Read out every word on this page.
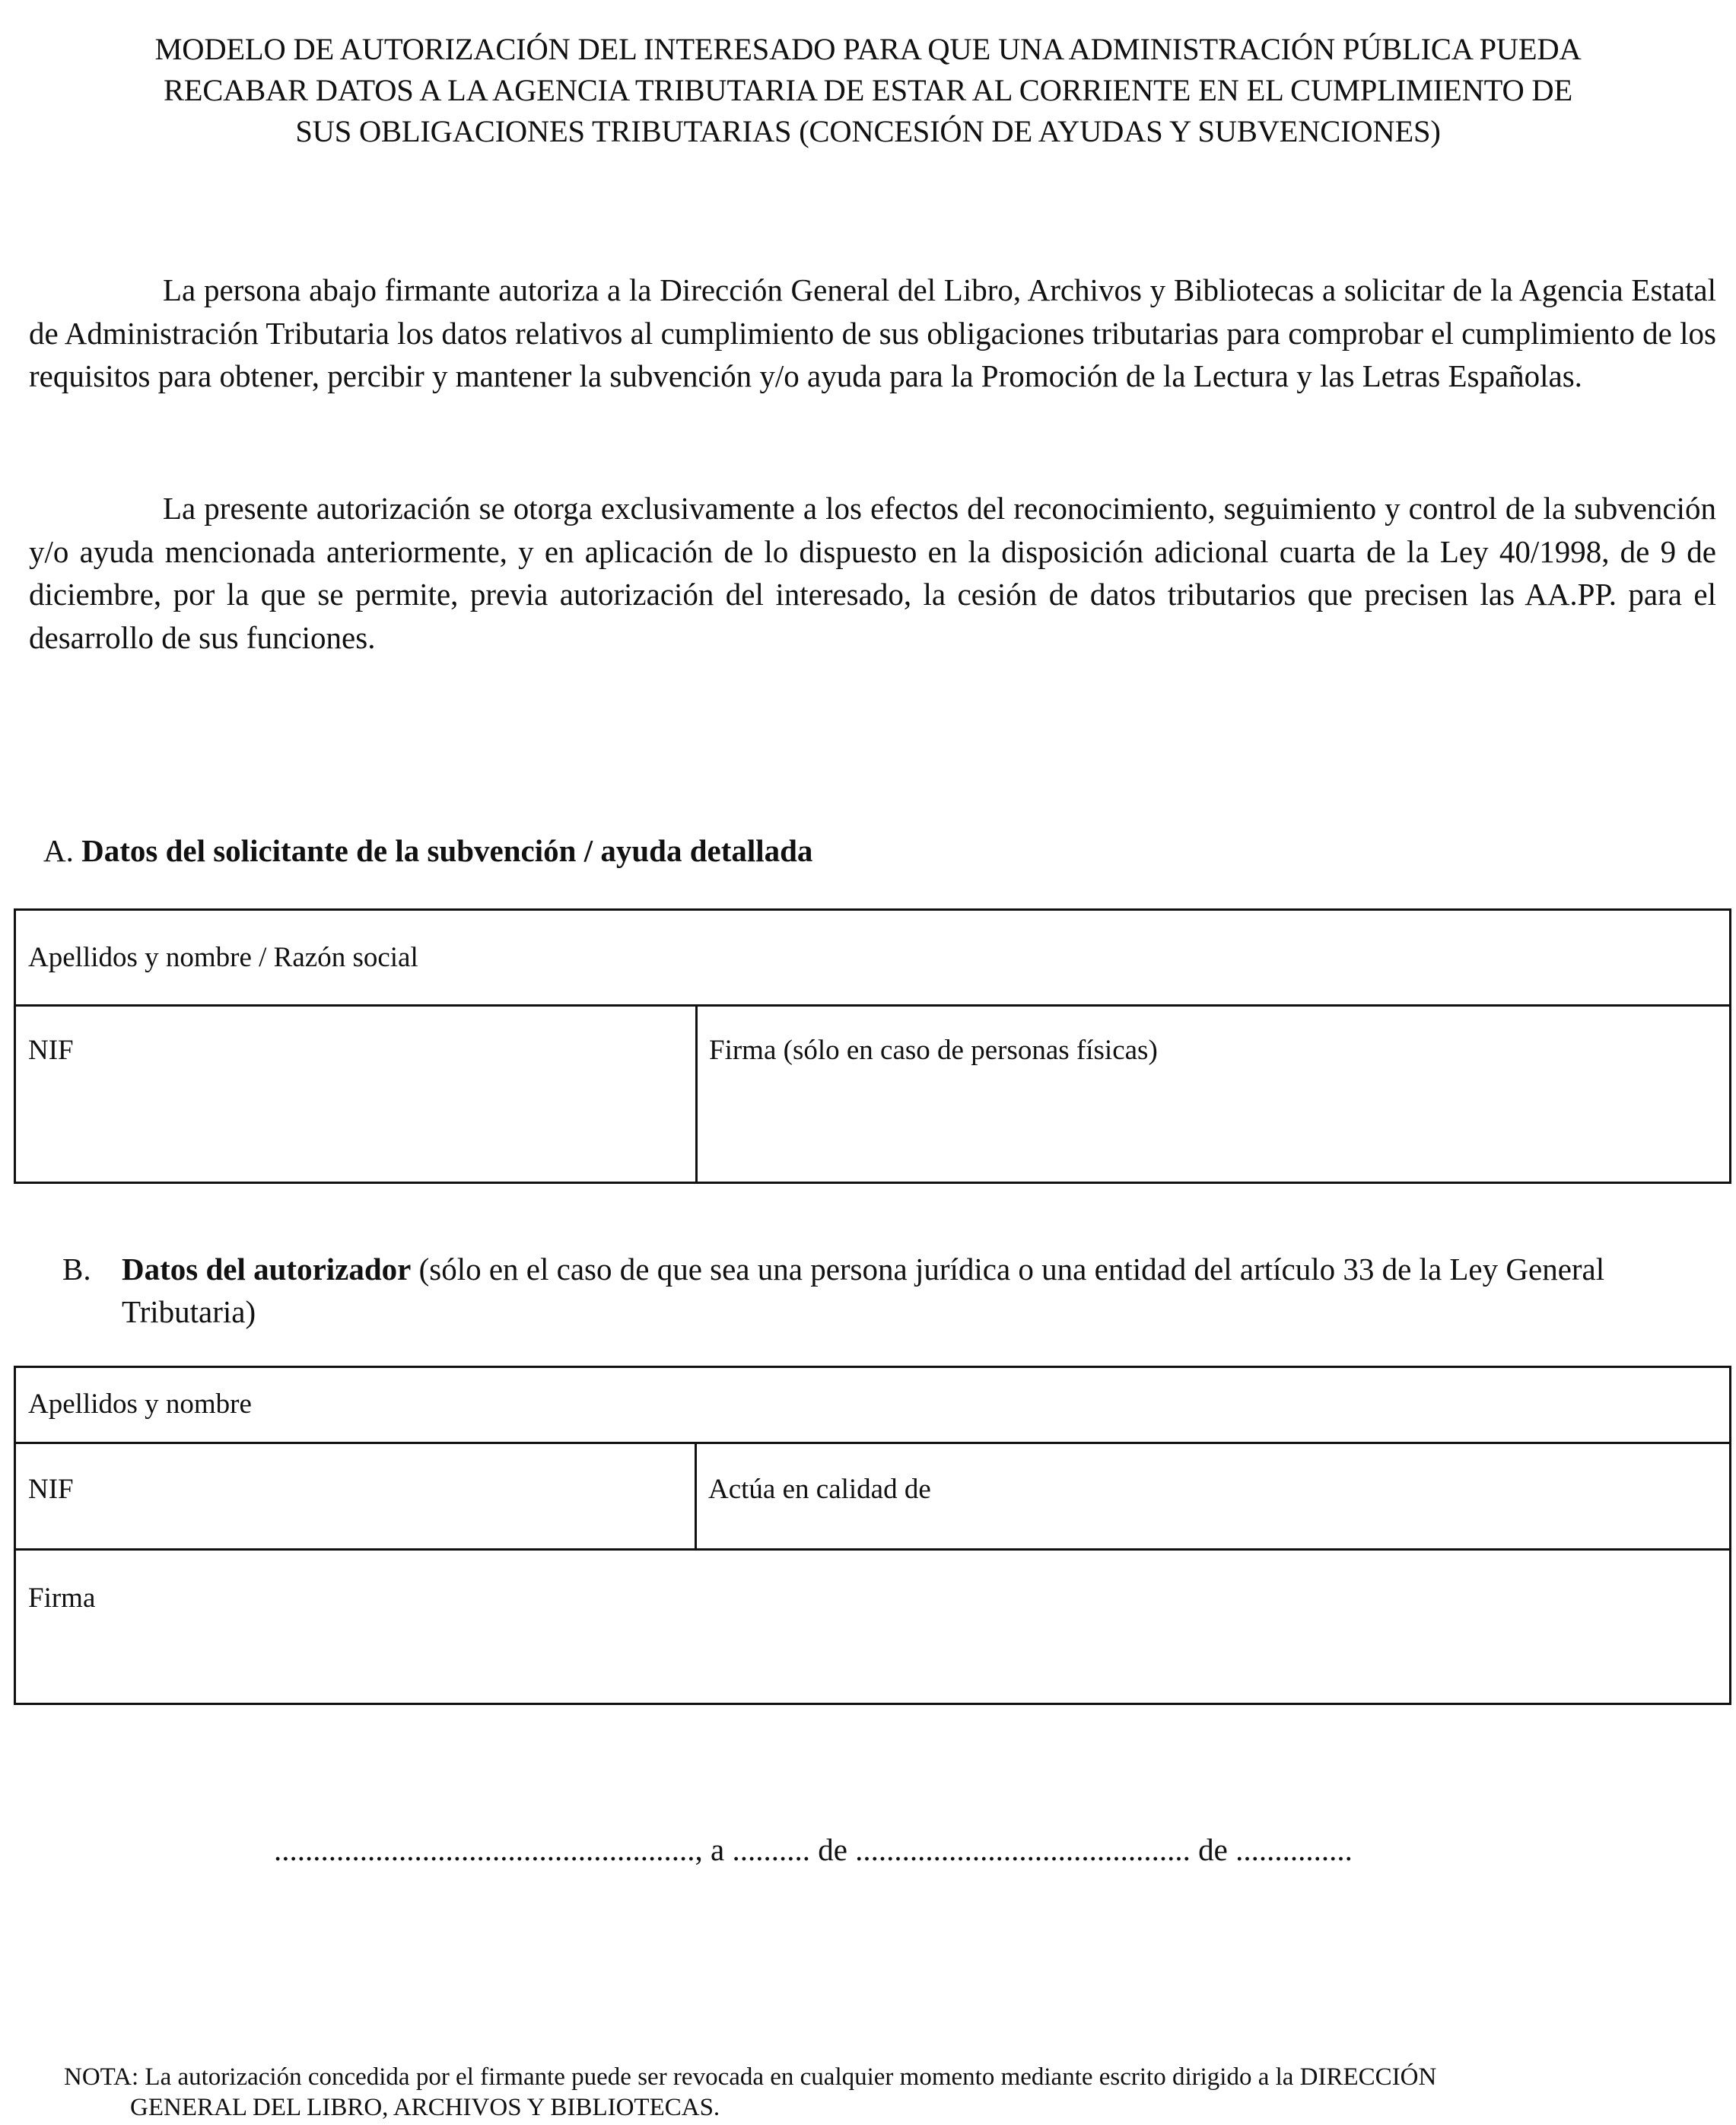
MODELO DE AUTORIZACIÓN DEL INTERESADO PARA QUE UNA ADMINISTRACIÓN PÚBLICA PUEDA
RECABAR DATOS A LA AGENCIA TRIBUTARIA DE ESTAR AL CORRIENTE EN EL CUMPLIMIENTO DE
SUS OBLIGACIONES TRIBUTARIAS (CONCESIÓN DE AYUDAS Y SUBVENCIONES)

La persona abajo firmante autoriza a la Dirección General del Libro, Archivos y Bibliotecas a solicitar de la Agencia Estatal de Administración Tributaria los datos relativos al cumplimiento de sus obligaciones tributarias para comprobar el cumplimiento de los requisitos para obtener, percibir y mantener la subvención y/o ayuda para la Promoción de la Lectura y las Letras Españolas.

La presente autorización se otorga exclusivamente a los efectos del reconocimiento, seguimiento y control de la subvención y/o ayuda mencionada anteriormente, y en aplicación de lo dispuesto en la disposición adicional cuarta de la Ley 40/1998, de 9 de diciembre, por la que se permite, previa autorización del interesado, la cesión de datos tributarios que precisen las AA.PP. para el desarrollo de sus funciones.

A. Datos del solicitante de la subvención / ayuda detallada
Apellidos y nombre / Razón social
NIF	Firma (sólo en caso de personas físicas)
B. Datos del autorizador (sólo en el caso de que sea una persona jurídica o una entidad del artículo 33 de la Ley General Tributaria)
Apellidos y nombre
NIF	Actúa en calidad de
Firma
......................................................, a .......... de ........................................... de ...............
NOTA: La autorización concedida por el firmante puede ser revocada en cualquier momento mediante escrito dirigido a la DIRECCIÓN
GENERAL DEL LIBRO, ARCHIVOS Y BIBLIOTECAS.
